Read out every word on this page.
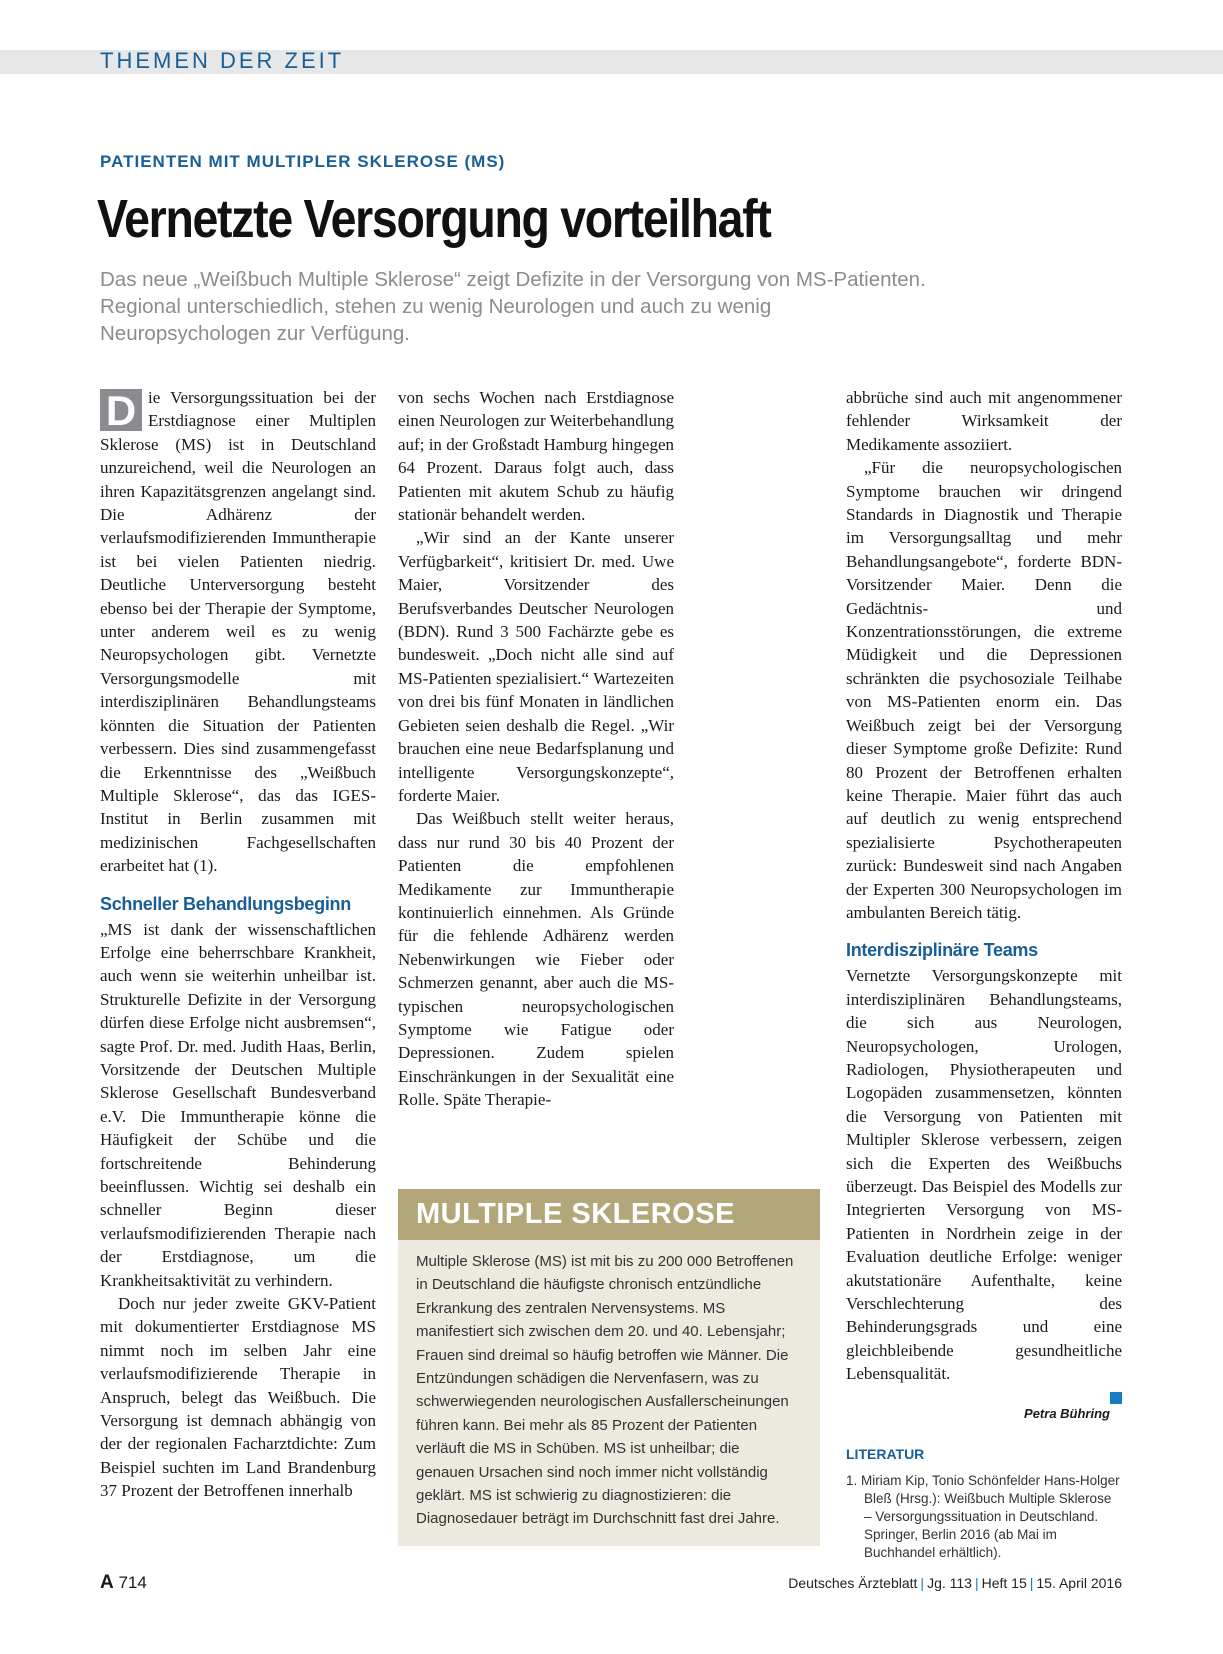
THEMEN DER ZEIT
PATIENTEN MIT MULTIPLER SKLEROSE (MS)
Vernetzte Versorgung vorteilhaft
Das neue „Weißbuch Multiple Sklerose“ zeigt Defizite in der Versorgung von MS-Patienten. Regional unterschiedlich, stehen zu wenig Neurologen und auch zu wenig Neuropsychologen zur Verfügung.

D ie Versorgungssituation bei der Erstdiagnose einer Multiplen Sklerose (MS) ist in Deutschland unzureichend, weil die Neurologen an ihren Kapazitätsgrenzen angelangt sind. Die Adhärenz der verlaufsmodifizierenden Immuntherapie ist bei vielen Patienten niedrig. Deutliche Unterversorgung besteht ebenso bei der Therapie der Symptome, unter anderem weil es zu wenig Neuropsychologen gibt. Vernetzte Versorgungsmodelle mit interdisziplinären Behandlungsteams könnten die Situation der Patienten verbessern. Dies sind zusammengefasst die Erkenntnisse des „Weißbuch Multiple Sklerose“, das das IGES-Institut in Berlin zusammen mit medizinischen Fachgesellschaften erarbeitet hat (1).

Schneller Behandlungsbeginn

„MS ist dank der wissenschaftlichen Erfolge eine beherrschbare Krankheit, auch wenn sie weiterhin unheilbar ist. Strukturelle Defizite in der Versorgung dürfen diese Erfolge nicht ausbremsen“, sagte Prof. Dr. med. Judith Haas, Berlin, Vorsitzende der Deutschen Multiple Sklerose Gesellschaft Bundesverband e.V. Die Immuntherapie könne die Häufigkeit der Schübe und die fortschreitende Behinderung beeinflussen. Wichtig sei deshalb ein schneller Beginn dieser verlaufsmodifizierenden Therapie nach der Erstdiagnose, um die Krankheitsaktivität zu verhindern.

Doch nur jeder zweite GKV-Patient mit dokumentierter Erstdiagnose MS nimmt noch im selben Jahr eine verlaufsmodifizierende Therapie in Anspruch, belegt das Weißbuch. Die Versorgung ist demnach abhängig von der der regionalen Facharztdichte: Zum Beispiel suchten im Land Brandenburg 37 Prozent der Betroffenen innerhalb

von sechs Wochen nach Erstdiagnose einen Neurologen zur Weiterbehandlung auf; in der Großstadt Hamburg hingegen 64 Prozent. Daraus folgt auch, dass Patienten mit akutem Schub zu häufig stationär behandelt werden.

„Wir sind an der Kante unserer Verfügbarkeit“, kritisiert Dr. med. Uwe Maier, Vorsitzender des Berufsverbandes Deutscher Neurologen (BDN). Rund 3 500 Fachärzte gebe es bundesweit. „Doch nicht alle sind auf MS-Patienten spezialisiert.“ Wartezeiten von drei bis fünf Monaten in ländlichen Gebieten seien deshalb die Regel. „Wir brauchen eine neue Bedarfsplanung und intelligente Versorgungskonzepte“, forderte Maier.

Das Weißbuch stellt weiter heraus, dass nur rund 30 bis 40 Prozent der Patienten die empfohlenen Medikamente zur Immuntherapie kontinuierlich einnehmen. Als Gründe für die fehlende Adhärenz werden Nebenwirkungen wie Fieber oder Schmerzen genannt, aber auch die MS-typischen neuropsychologischen Symptome wie Fatigue oder Depressionen. Zudem spielen Einschränkungen in der Sexualität eine Rolle. Späte Therapie-

MULTIPLE SKLEROSE
Multiple Sklerose (MS) ist mit bis zu 200 000 Betroffenen in Deutschland die häufigste chronisch entzündliche Erkrankung des zentralen Nervensystems. MS manifestiert sich zwischen dem 20. und 40. Lebensjahr; Frauen sind dreimal so häufig betroffen wie Männer. Die Entzündungen schädigen die Nervenfasern, was zu schwerwiegenden neurologischen Ausfallerscheinungen führen kann. Bei mehr als 85 Prozent der Patienten verläuft die MS in Schüben. MS ist unheilbar; die genauen Ursachen sind noch immer nicht vollständig geklärt. MS ist schwierig zu diagnostizieren: die Diagnosedauer beträgt im Durchschnitt fast drei Jahre.

abbrüche sind auch mit angenommener fehlender Wirksamkeit der Medikamente assoziiert.

„Für die neuropsychologischen Symptome brauchen wir dringend Standards in Diagnostik und Therapie im Versorgungsalltag und mehr Behandlungsangebote“, forderte BDN-Vorsitzender Maier. Denn die Gedächtnis- und Konzentrationsstörungen, die extreme Müdigkeit und die Depressionen schränkten die psychosoziale Teilhabe von MS-Patienten enorm ein. Das Weißbuch zeigt bei der Versorgung dieser Symptome große Defizite: Rund 80 Prozent der Betroffenen erhalten keine Therapie. Maier führt das auch auf deutlich zu wenig entsprechend spezialisierte Psychotherapeuten zurück: Bundesweit sind nach Angaben der Experten 300 Neuropsychologen im ambulanten Bereich tätig.

Interdisziplinäre Teams

Vernetzte Versorgungskonzepte mit interdisziplinären Behandlungsteams, die sich aus Neurologen, Neuropsychologen, Urologen, Radiologen, Physiotherapeuten und Logopäden zusammensetzen, könnten die Versorgung von Patienten mit Multipler Sklerose verbessern, zeigen sich die Experten des Weißbuchs überzeugt. Das Beispiel des Modells zur Integrierten Versorgung von MS-Patienten in Nordrhein zeige in der Evaluation deutliche Erfolge: weniger akutstationäre Aufenthalte, keine Verschlechterung des Behinderungsgrads und eine gleichbleibende gesundheitliche Lebensqualität.

Petra Bühring
LITERATUR
1. Miriam Kip, Tonio Schönfelder Hans-Holger Bleß (Hrsg.): Weißbuch Multiple Sklerose – Versorgungssituation in Deutschland. Springer, Berlin 2016 (ab Mai im Buchhandel erhältlich).
A 714	Deutsches Ärzteblatt | Jg. 113 | Heft 15 | 15. April 2016
